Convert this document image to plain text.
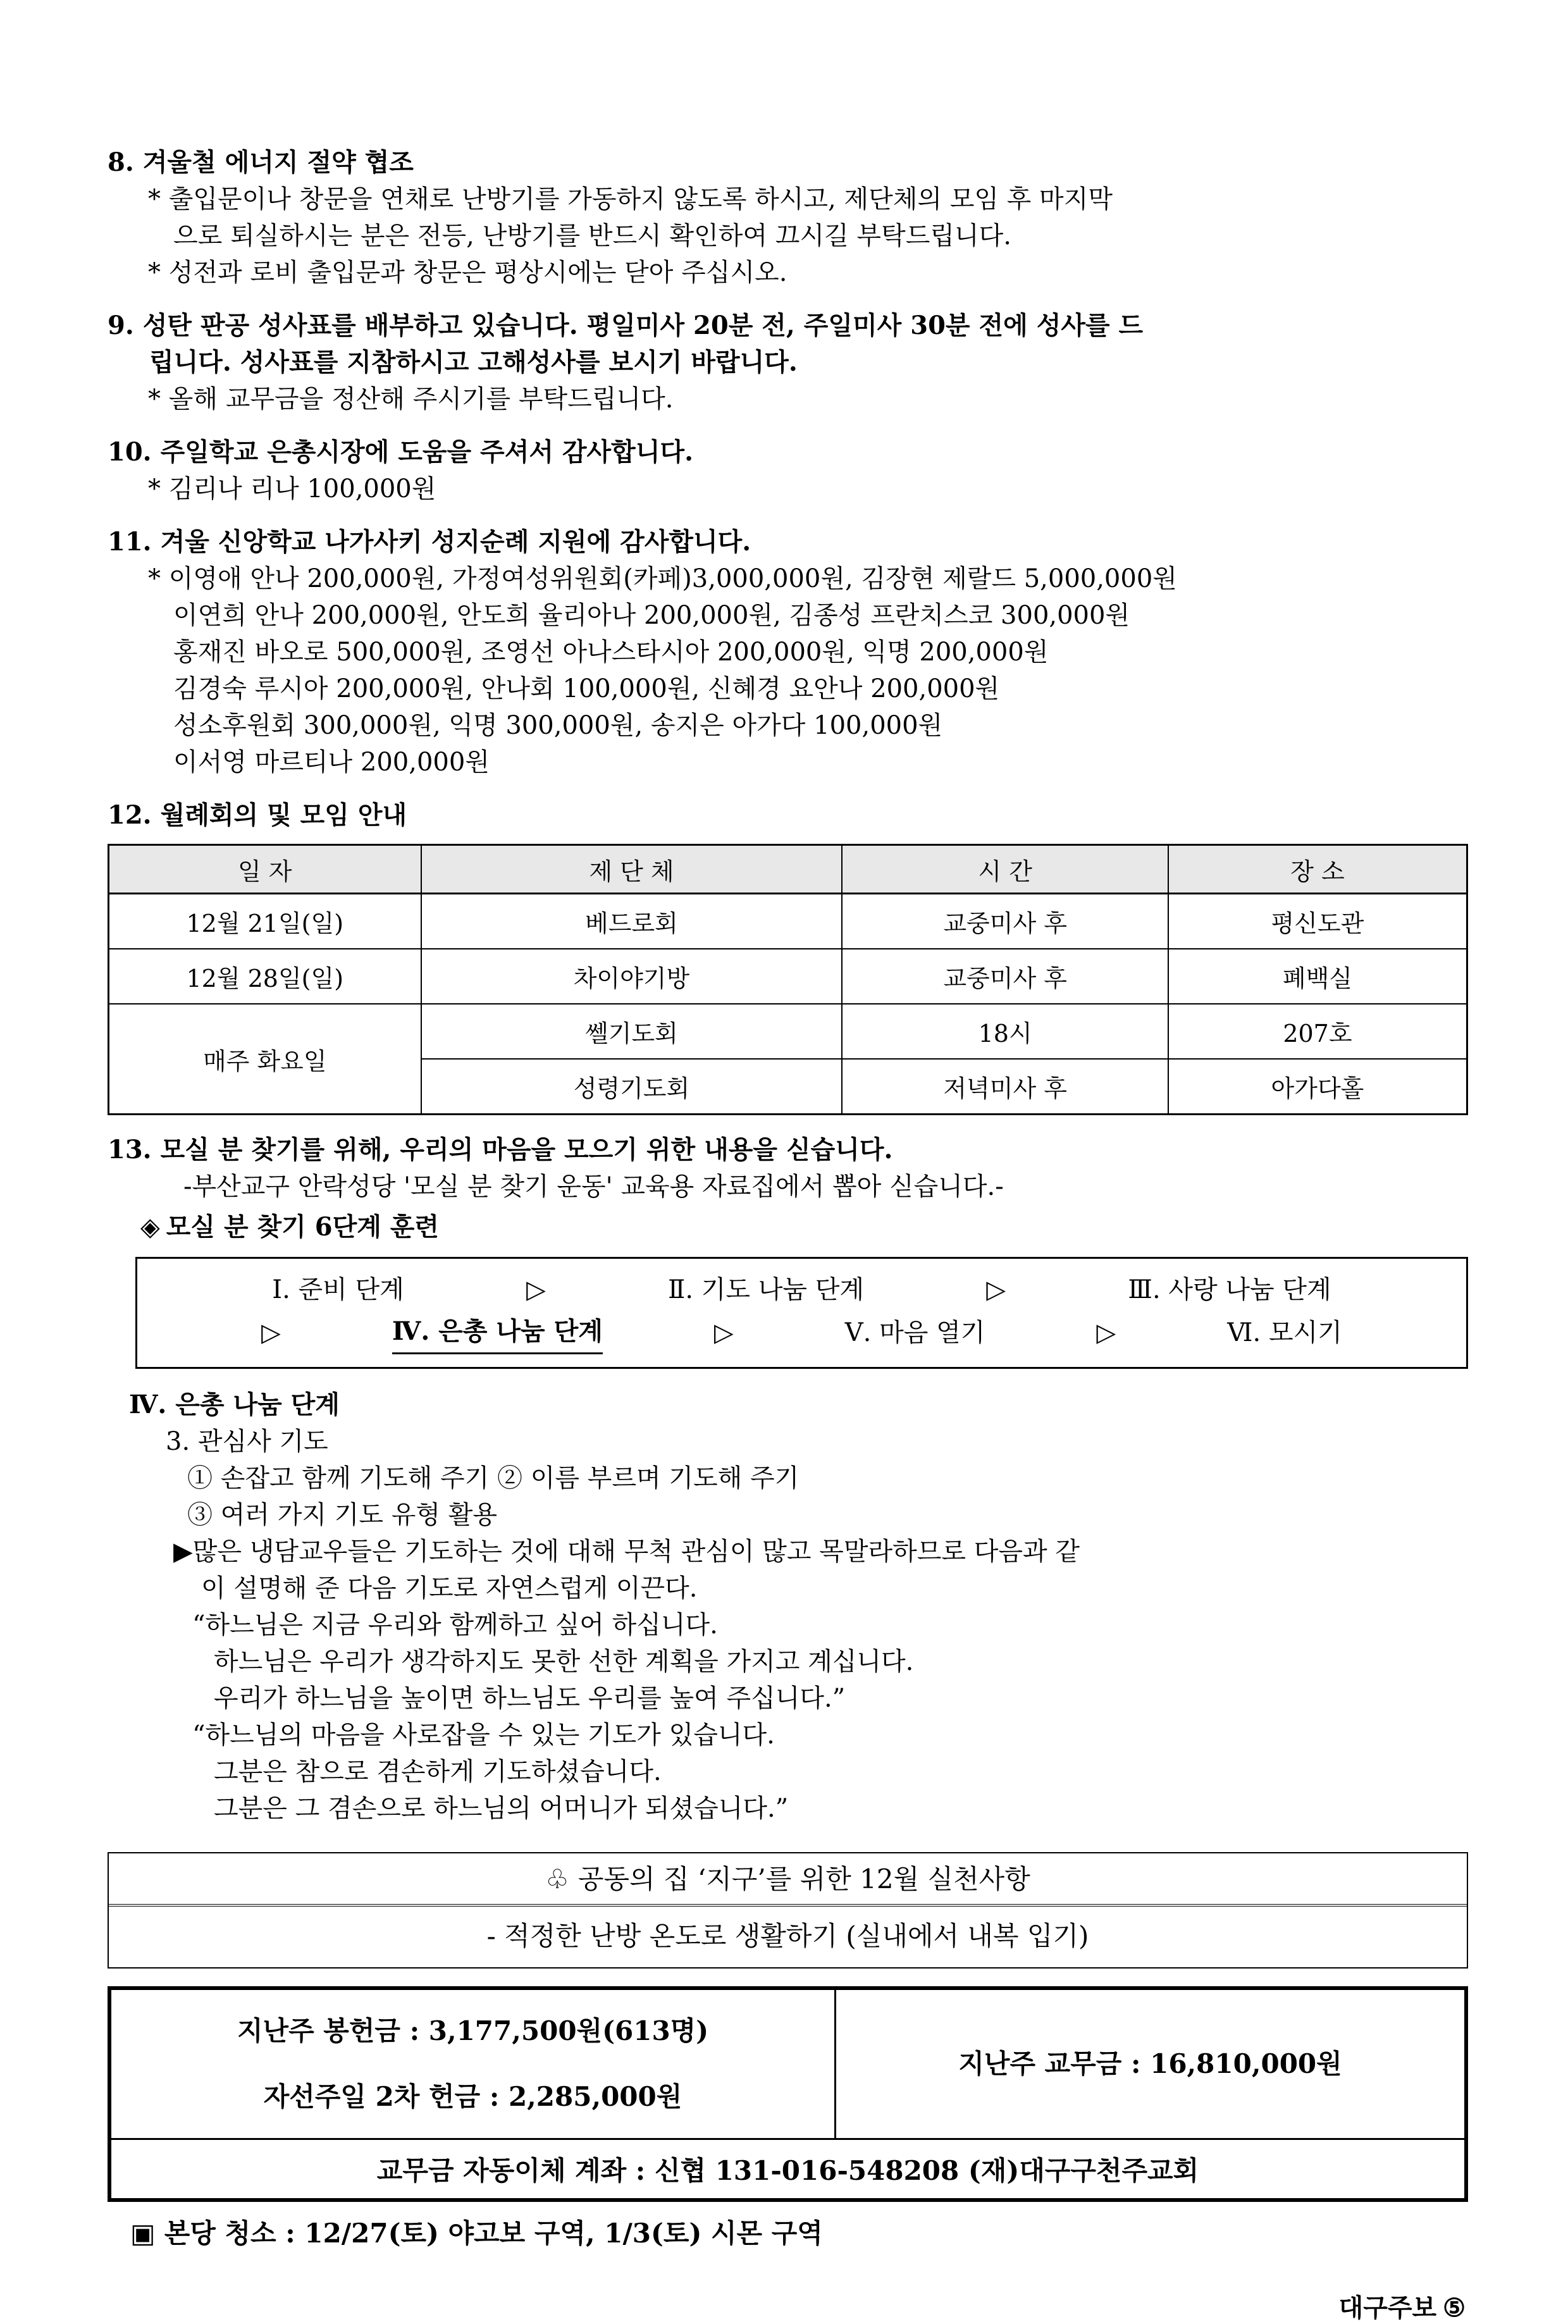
8. 겨울철 에너지 절약 협조
* 출입문이나 창문을 연채로 난방기를 가동하지 않도록 하시고, 제단체의 모임 후 마지막
으로 퇴실하시는 분은 전등, 난방기를 반드시 확인하여 끄시길 부탁드립니다.
* 성전과 로비 출입문과 창문은 평상시에는 닫아 주십시오.
9. 성탄 판공 성사표를 배부하고 있습니다. 평일미사 20분 전, 주일미사 30분 전에 성사를 드
립니다. 성사표를 지참하시고 고해성사를 보시기 바랍니다.
* 올해 교무금을 정산해 주시기를 부탁드립니다.
10. 주일학교 은총시장에 도움을 주셔서 감사합니다.
* 김리나 리나 100,000원
11. 겨울 신앙학교 나가사키 성지순례 지원에 감사합니다.
* 이영애 안나 200,000원, 가정여성위원회(카페)3,000,000원, 김장현 제랄드 5,000,000원
이연희 안나 200,000원, 안도희 율리아나 200,000원, 김종성 프란치스코 300,000원
홍재진 바오로 500,000원, 조영선 아나스타시아 200,000원, 익명 200,000원
김경숙 루시아 200,000원, 안나회 100,000원, 신혜경 요안나 200,000원
성소후원회 300,000원, 익명 300,000원, 송지은 아가다 100,000원
이서영 마르티나 200,000원
12. 월례회의 및 모임 안내
일 자	제 단 체	시 간	장 소
12월 21일(일)	베드로회	교중미사 후	평신도관
12월 28일(일)	차이야기방	교중미사 후	폐백실
매주 화요일	쎌기도회	18시	207호
	성령기도회	저녁미사 후	아가다홀
13. 모실 분 찾기를 위해, 우리의 마음을 모으기 위한 내용을 싣습니다.
-부산교구 안락성당 '모실 분 찾기 운동' 교육용 자료집에서 뽑아 싣습니다.-
◈ 모실 분 찾기 6단계 훈련
Ⅰ. 준비 단계	▷	Ⅱ. 기도 나눔 단계	▷	Ⅲ. 사랑 나눔 단계
▷	Ⅳ. 은총 나눔 단계	▷	Ⅴ. 마음 열기	▷	Ⅵ. 모시기
Ⅳ. 은총 나눔 단계
3. 관심사 기도
① 손잡고 함께 기도해 주기 ② 이름 부르며 기도해 주기
③ 여러 가지 기도 유형 활용
▶많은 냉담교우들은 기도하는 것에 대해 무척 관심이 많고 목말라하므로 다음과 같
이 설명해 준 다음 기도로 자연스럽게 이끈다.
“하느님은 지금 우리와 함께하고 싶어 하십니다.
하느님은 우리가 생각하지도 못한 선한 계획을 가지고 계십니다.
우리가 하느님을 높이면 하느님도 우리를 높여 주십니다.”
“하느님의 마음을 사로잡을 수 있는 기도가 있습니다.
그분은 참으로 겸손하게 기도하셨습니다.
그분은 그 겸손으로 하느님의 어머니가 되셨습니다.”
♧ 공동의 집 ‘지구’를 위한 12월 실천사항
- 적정한 난방 온도로 생활하기 (실내에서 내복 입기)
지난주 봉헌금 : 3,177,500원(613명)
자선주일 2차 헌금 : 2,285,000원

지난주 교무금 : 16,810,000원

교무금 자동이체 계좌 : 신협 131-016-548208 (재)대구구천주교회
▣ 본당 청소 : 12/27(토) 야고보 구역, 1/3(토) 시몬 구역
대구주보 ⑤
